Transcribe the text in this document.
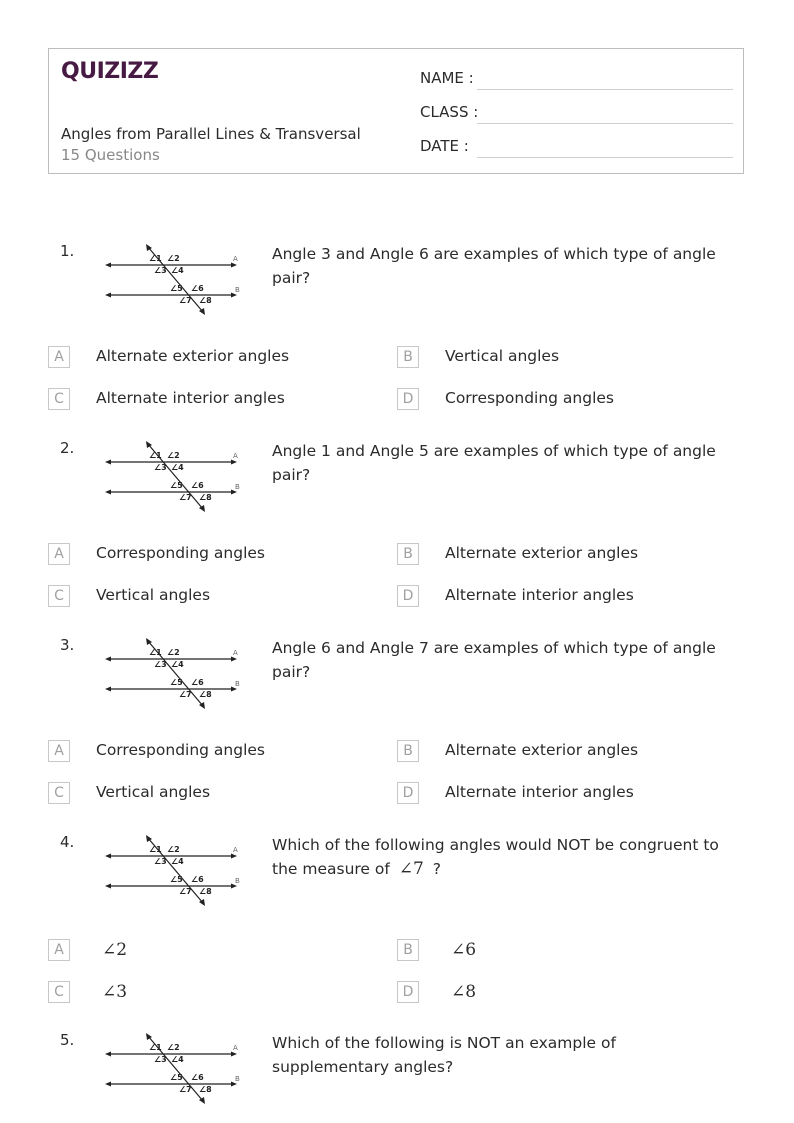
QUIZIZZ
Angles from Parallel Lines & Transversal
15 Questions
NAME :
CLASS :
DATE :
1.	∠1 ∠2
∠3 ∠4
∠5 ∠6
∠7 ∠8
A
B
Angle 3 and Angle 6 are examples of which type of angle pair?
A	Alternate exterior angles	B	Vertical angles
C	Alternate interior angles	D	Corresponding angles
2.	∠1 ∠2
∠3 ∠4
∠5 ∠6
∠7 ∠8
A
B
Angle 1 and Angle 5 are examples of which type of angle pair?
A	Corresponding angles	B	Alternate exterior angles
C	Vertical angles	D	Alternate interior angles
3.	∠1 ∠2
∠3 ∠4
∠5 ∠6
∠7 ∠8
A
B
Angle 6 and Angle 7 are examples of which type of angle pair?
A	Corresponding angles	B	Alternate exterior angles
C	Vertical angles	D	Alternate interior angles
4.	∠1 ∠2
∠3 ∠4
∠5 ∠6
∠7 ∠8
A
B
Which of the following angles would NOT be congruent to the measure of ∠7 ?
A	∠2	B	∠6
C	∠3	D	∠8
5.	∠1 ∠2
∠3 ∠4
∠5 ∠6
∠7 ∠8
A
B
Which of the following is NOT an example of supplementary angles?
